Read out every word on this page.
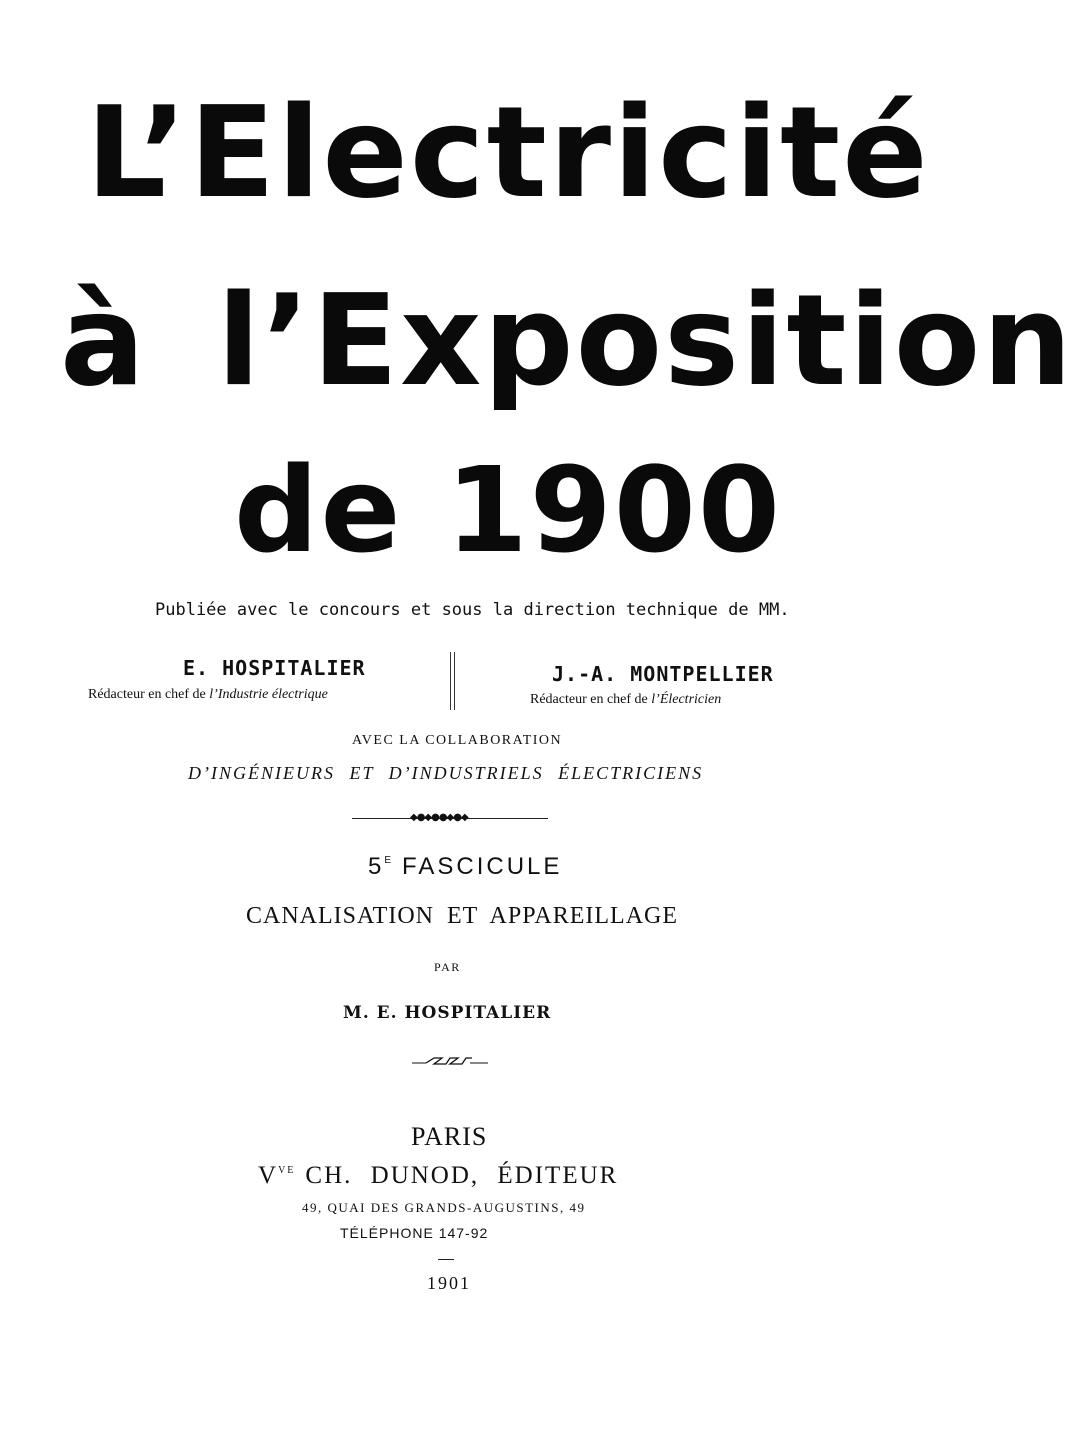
L’Electricité
à l’Exposition
de 1900
Publiée avec le concours et sous la direction technique de MM.
E. HOSPITALIER
Rédacteur en chef de l’Industrie électrique
J.-A. MONTPELLIER
Rédacteur en chef de l’Électricien
AVEC LA COLLABORATION
D’INGÉNIEURS ET D’INDUSTRIELS ÉLECTRICIENS
◆●◆●●◆●◆
$5^E$ FASCICULE
CANALISATION ET APPAREILLAGE
PAR
M. E. HOSPITALIER
PARIS
$V^{VE}$ CH. DUNOD, ÉDITEUR
49, QUAI DES GRANDS-AUGUSTINS, 49
TÉLÉPHONE 147-92
1901
